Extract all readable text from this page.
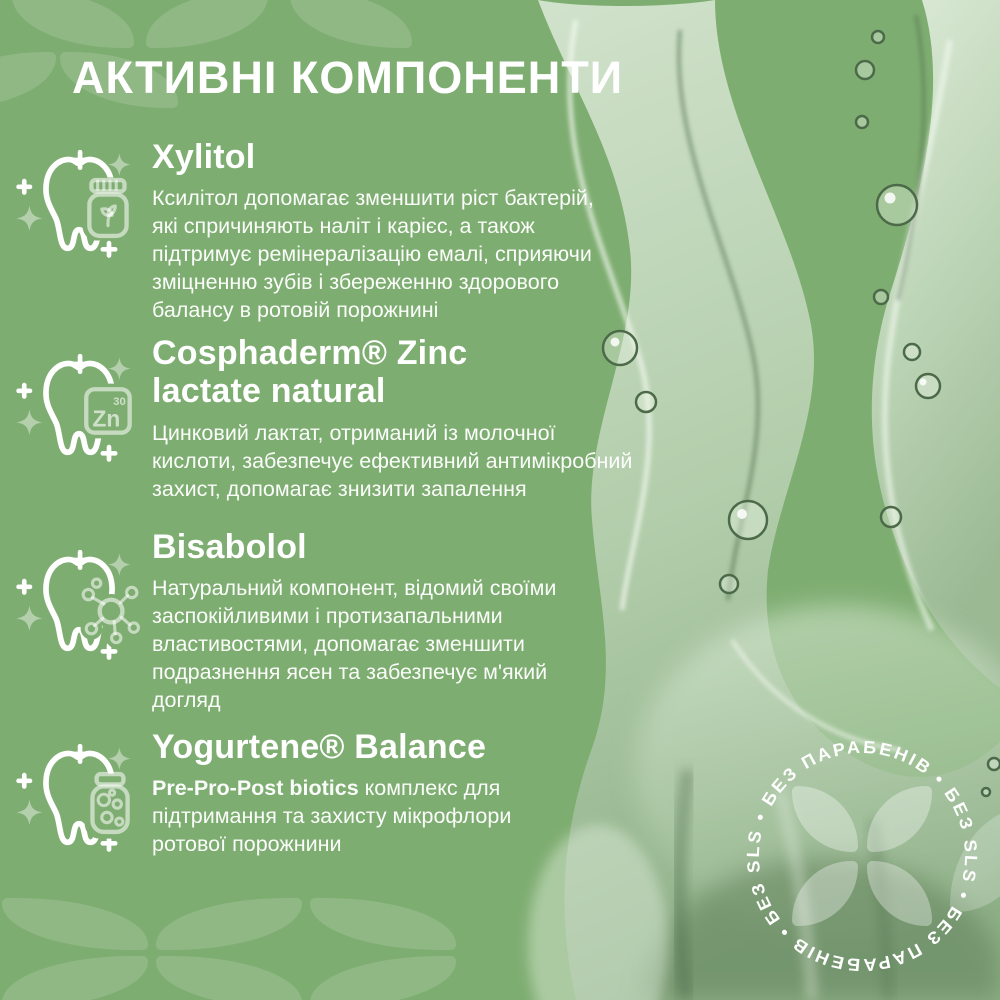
АКТИВНІ КОМПОНЕНТИ
Xylitol

Ксилітол допомагає зменшити ріст бактерій, які спричиняють наліт і карієс, а також підтримує ремінералізацію емалі, сприяючи зміцненню зубів і збереженню здорового балансу в ротовій порожнині

Zn
30
Cosphaderm® Zinc lactate natural

Цинковий лактат, отриманий із молочної кислоти, забезпечує ефективний антимікробний захист, допомагає знизити запалення

Bisabolol

Натуральний компонент, відомий своїми заспокійливими і протизапальними властивостями, допомагає зменшити подразнення ясен та забезпечує м'який догляд

Yogurtene® Balance

Pre-Pro-Post biotics комплекс для підтримання та захисту мікрофлори ротової порожнини

БЕЗ SLS • БЕЗ ПАРАБЕНІВ • БЕЗ SLS • БЕЗ ПАРАБЕНІВ •
